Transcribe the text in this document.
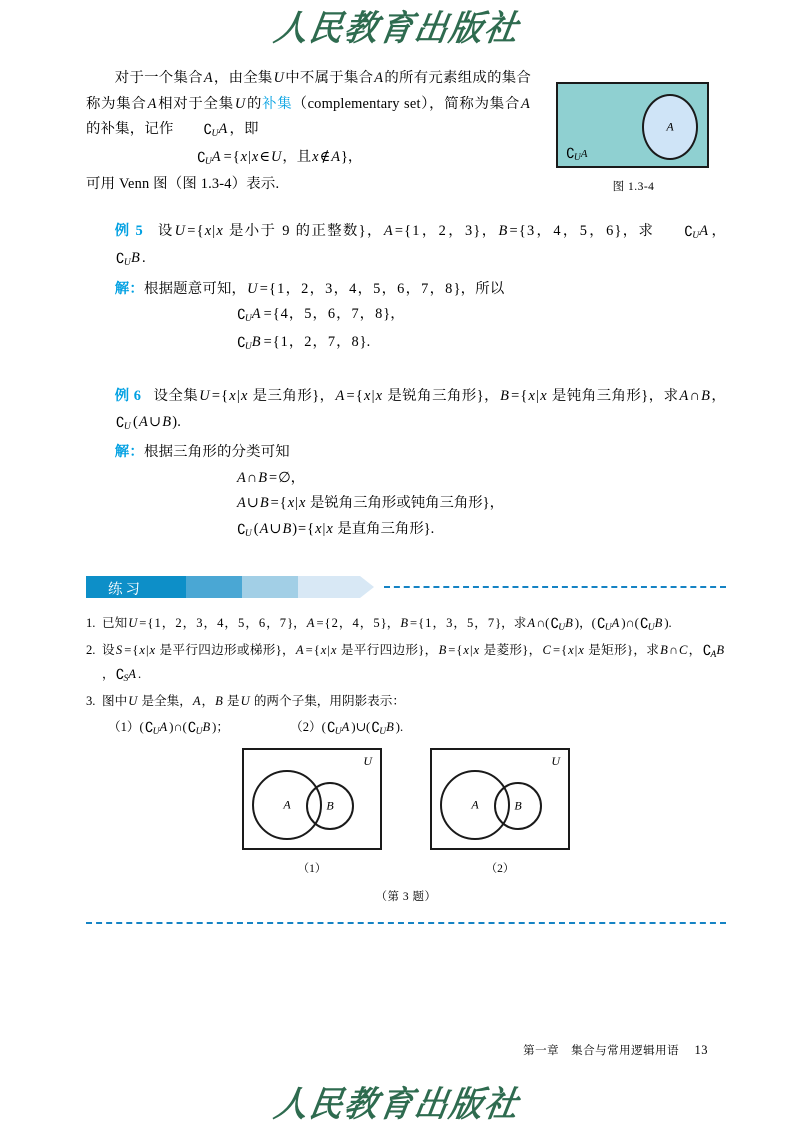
人民教育出版社
A
∁UA
图 1.3-4
对于一个集合A，由全集U中不属于集合A的所有元素组成的集合称为集合A相对于全集U的补集（complementary set），简称为集合A的补集，记作 $∁_UA$ ，即
$∁_UA$ ={x|x∈U，且x∉A}，
可用 Venn 图（图 1.3-4）表示.
例 5   设U ={x|x 是小于 9 的正整数}，A ={1，2，3}，B ={3，4，5，6}，求 $∁_UA$ ，$∁_UB$ .
解：根据题意可知，U ={1，2，3，4，5，6，7，8}，所以
$∁_UA =\{4$，5，6，7，8}，
$∁_UB =\{1$，2，7，8}.
例 6   设全集U ={x|x 是三角形}，A ={x|x 是锐角三角形}，B ={x|x 是钝角三角形}，求A∩B，$∁_U$ (A∪B).
解：根据三角形的分类可知
A∩B =∅，
A∪B ={x|x 是锐角三角形或钝角三角形}，
$∁_U$ (A∪B)={x|x 是直角三角形}.
练习
1. 已知U ={1，2，3，4，5，6，7}，A ={2，4，5}，B ={1，3，5，7}，求$A\cap(∁_UB$ )，($∁_UA$ )$\cap(∁_UB$ ).
2. 设S ={x|x 是平行四边形或梯形}，A ={x|x 是平行四边形}，B ={x|x 是菱形}，C ={x|x 是矩形}，求B∩C，$∁_AB$，$∁_SA$ .
3. 图中U 是全集，A，B 是U 的两个子集，用阴影表示：
$(1)(∁_UA$ )$\cap(∁_UB$ )；	$(2)(∁_UA$ )$\cup(∁_UB$ ).
U
A	B
（1）
U
A	B
（2）
（第 3 题）
第一章　集合与常用逻辑用语 13
人民教育出版社
